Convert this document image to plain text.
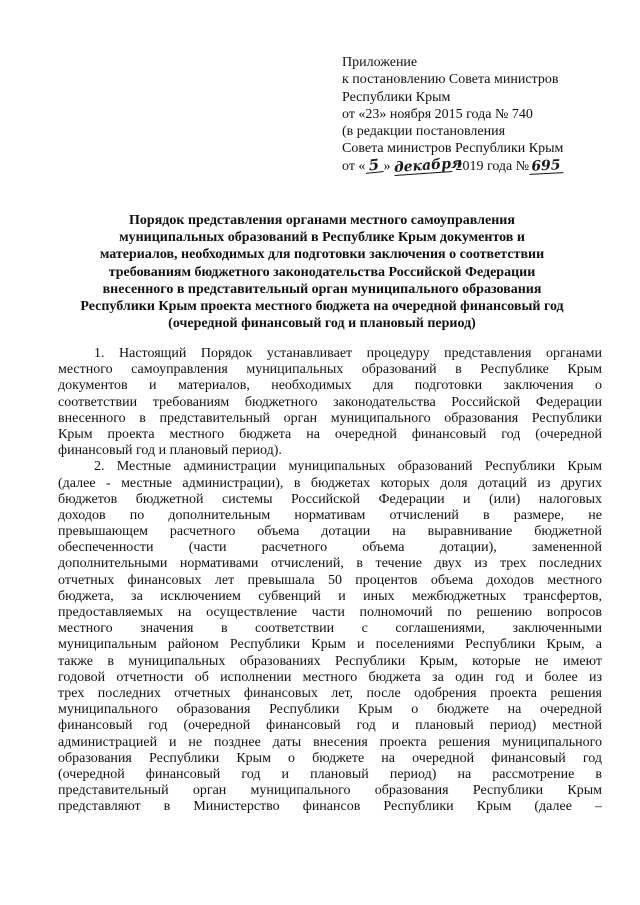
Приложение
к постановлению Совета министров
Республики Крым
от «23» ноября 2015 года № 740
(в редакции постановления
Совета министров Республики Крым
от « 5 » декабря 2019 года № 695
Порядок представления органами местного самоуправления
муниципальных образований в Республике Крым документов и
материалов, необходимых для подготовки заключения о соответствии
требованиям бюджетного законодательства Российской Федерации
внесенного в представительный орган муниципального образования
Республики Крым проекта местного бюджета на очередной финансовый год
(очередной финансовый год и плановый период)
1. Настоящий Порядок устанавливает процедуру представления органами
местного самоуправления муниципальных образований в Республике Крым
документов и материалов, необходимых для подготовки заключения о
соответствии требованиям бюджетного законодательства Российской Федерации
внесенного в представительный орган муниципального образования Республики
Крым проекта местного бюджета на очередной финансовый год (очередной
финансовый год и плановый период).
2. Местные администрации муниципальных образований Республики Крым
(далее - местные администрации), в бюджетах которых доля дотаций из других
бюджетов бюджетной системы Российской Федерации и (или) налоговых
доходов по дополнительным нормативам отчислений в размере, не
превышающем расчетного объема дотации на выравнивание бюджетной
обеспеченности (части расчетного объема дотации), замененной
дополнительными нормативами отчислений, в течение двух из трех последних
отчетных финансовых лет превышала 50 процентов объема доходов местного
бюджета, за исключением субвенций и иных межбюджетных трансфертов,
предоставляемых на осуществление части полномочий по решению вопросов
местного значения в соответствии с соглашениями, заключенными
муниципальным районом Республики Крым и поселениями Республики Крым, а
также в муниципальных образованиях Республики Крым, которые не имеют
годовой отчетности об исполнении местного бюджета за один год и более из
трех последних отчетных финансовых лет, после одобрения проекта решения
муниципального образования Республики Крым о бюджете на очередной
финансовый год (очередной финансовый год и плановый период) местной
администрацией и не позднее даты внесения проекта решения муниципального
образования Республики Крым о бюджете на очередной финансовый год
(очередной финансовый год и плановый период) на рассмотрение в
представительный орган муниципального образования Республики Крым
представляют в Министерство финансов Республики Крым (далее –
